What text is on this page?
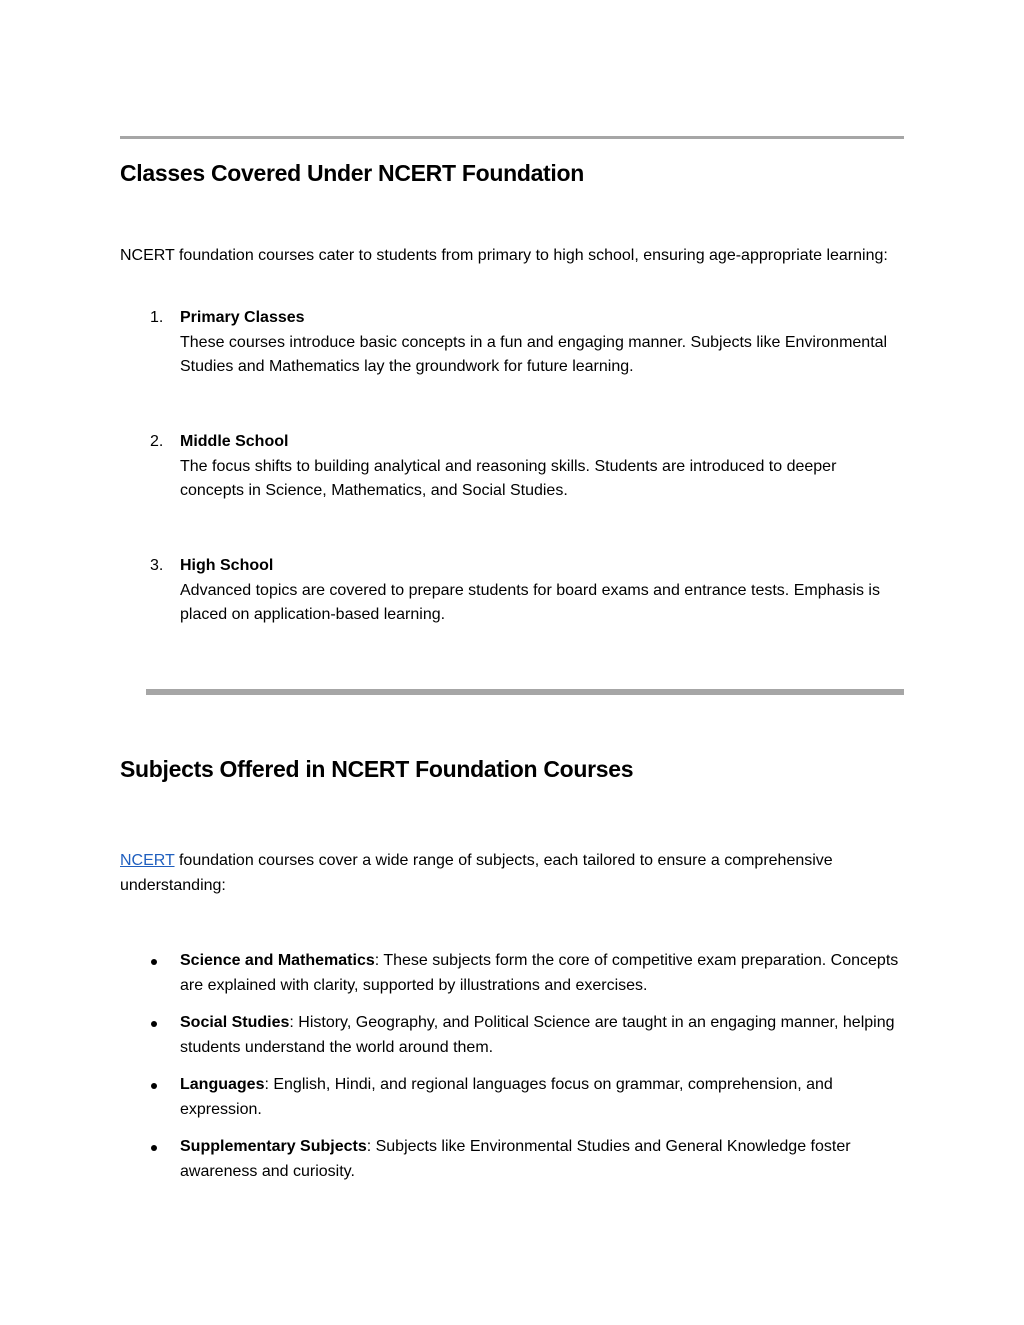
Classes Covered Under NCERT Foundation

NCERT foundation courses cater to students from primary to high school, ensuring age-appropriate learning:

1.	Primary Classes
These courses introduce basic concepts in a fun and engaging manner. Subjects like Environmental Studies and Mathematics lay the groundwork for future learning.
2.	Middle School
The focus shifts to building analytical and reasoning skills. Students are introduced to deeper concepts in Science, Mathematics, and Social Studies.
3.	High School
Advanced topics are covered to prepare students for board exams and entrance tests. Emphasis is placed on application-based learning.
Subjects Offered in NCERT Foundation Courses

NCERT foundation courses cover a wide range of subjects, each tailored to ensure a comprehensive understanding:

Science and Mathematics: These subjects form the core of competitive exam preparation. Concepts are explained with clarity, supported by illustrations and exercises.
Social Studies: History, Geography, and Political Science are taught in an engaging manner, helping students understand the world around them.
Languages: English, Hindi, and regional languages focus on grammar, comprehension, and expression.
Supplementary Subjects: Subjects like Environmental Studies and General Knowledge foster awareness and curiosity.
